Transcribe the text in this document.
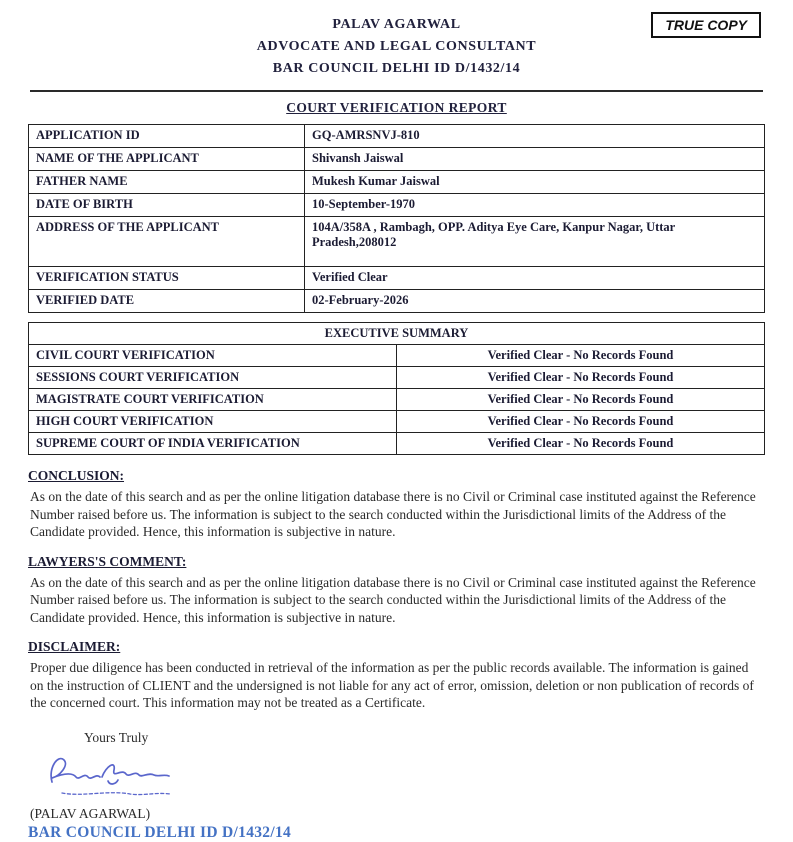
PALAV AGARWAL
ADVOCATE AND LEGAL CONSULTANT
BAR COUNCIL DELHI ID D/1432/14
TRUE COPY
COURT VERIFICATION REPORT
APPLICATION ID	GQ-AMRSNVJ-810
NAME OF THE APPLICANT	Shivansh Jaiswal
FATHER NAME	Mukesh Kumar Jaiswal
DATE OF BIRTH	10-September-1970
ADDRESS OF THE APPLICANT	104A/358A , Rambagh, OPP. Aditya Eye Care, Kanpur Nagar, Uttar Pradesh,208012
VERIFICATION STATUS	Verified Clear
VERIFIED DATE	02-February-2026
EXECUTIVE SUMMARY	
CIVIL COURT VERIFICATION	Verified Clear - No Records Found
SESSIONS COURT VERIFICATION	Verified Clear - No Records Found
MAGISTRATE COURT VERIFICATION	Verified Clear - No Records Found
HIGH COURT VERIFICATION	Verified Clear - No Records Found
SUPREME COURT OF INDIA VERIFICATION	Verified Clear - No Records Found
CONCLUSION:

As on the date of this search and as per the online litigation database there is no Civil or Criminal case instituted against the Reference Number raised before us. The information is subject to the search conducted within the Jurisdictional limits of the Address of the Candidate provided. Hence, this information is subjective in nature.

LAWYERS'S COMMENT:

As on the date of this search and as per the online litigation database there is no Civil or Criminal case instituted against the Reference Number raised before us. The information is subject to the search conducted within the Jurisdictional limits of the Address of the Candidate provided. Hence, this information is subjective in nature.

DISCLAIMER:

Proper due diligence has been conducted in retrieval of the information as per the public records available. The information is gained on the instruction of CLIENT and the undersigned is not liable for any act of error, omission, deletion or non publication of records of the concerned court. This information may not be treated as a Certificate.

Yours Truly
(PALAV AGARWAL)
BAR COUNCIL DELHI ID D/1432/14
